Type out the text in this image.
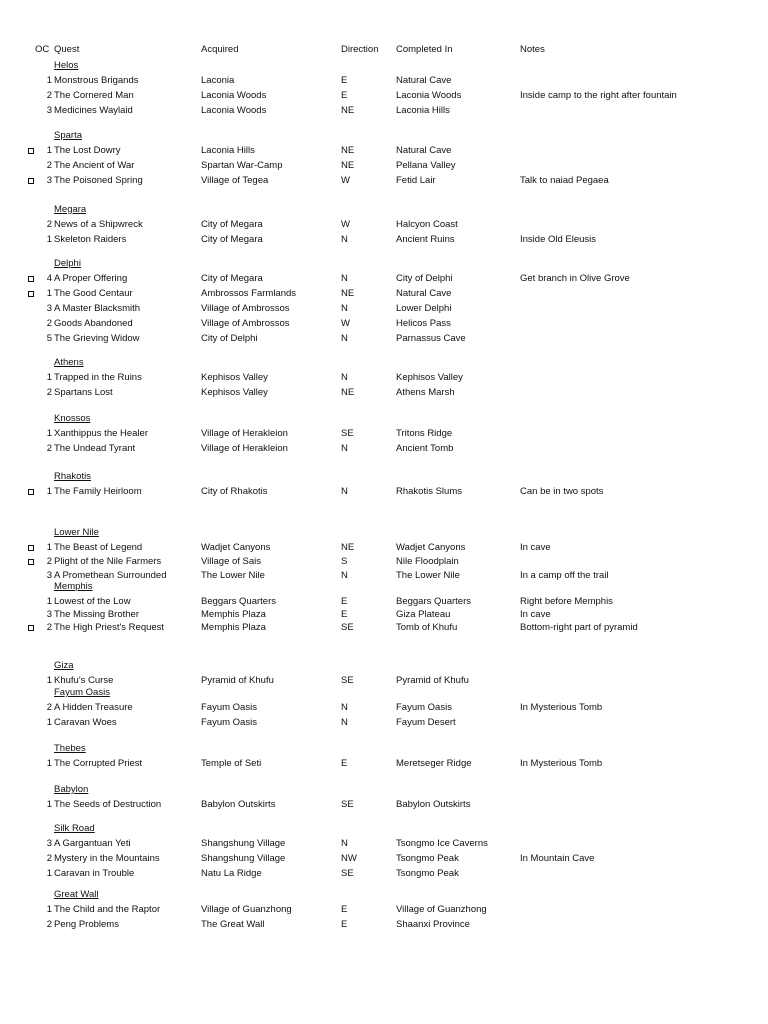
OC Quest	Acquired	Direction Completed In	Notes
Helos
1 Monstrous Brigands	Laconia	E	Natural Cave
2 The Cornered Man	Laconia Woods	E	Laconia Woods	Inside camp to the right after fountain
3 Medicines Waylaid	Laconia Woods	NE	Laconia Hills
Sparta
1 The Lost Dowry	Laconia Hills	NE	Natural Cave
2 The Ancient of War	Spartan War-Camp	NE	Pellana Valley
3 The Poisoned Spring	Village of Tegea	W	Fetid Lair	Talk to naiad Pegaea
Megara
2 News of a Shipwreck	City of Megara	W	Halcyon Coast
1 Skeleton Raiders	City of Megara	N	Ancient Ruins	Inside Old Eleusis
Delphi
4 A Proper Offering	City of Megara	N	City of Delphi	Get branch in Olive Grove
1 The Good Centaur	Ambrossos Farmlands	NE	Natural Cave
3 A Master Blacksmith	Village of Ambrossos	N	Lower Delphi
2 Goods Abandoned	Village of Ambrossos	W	Helicos Pass
5 The Grieving Widow	City of Delphi	N	Parnassus Cave
Athens
1 Trapped in the Ruins	Kephisos Valley	N	Kephisos Valley
2 Spartans Lost	Kephisos Valley	NE	Athens Marsh
Knossos
1 Xanthippus the Healer	Village of Herakleion	SE	Tritons Ridge
2 The Undead Tyrant	Village of Herakleion	N	Ancient Tomb
Rhakotis
1 The Family Heirloom	City of Rhakotis	N	Rhakotis Slums	Can be in two spots
Lower Nile
1 The Beast of Legend	Wadjet Canyons	NE	Wadjet Canyons	In cave
2 Plight of the Nile Farmers	Village of Sais	S	Nile Floodplain
3 A Promethean Surrounded	The Lower Nile	N	The Lower Nile	In a camp off the trail
Memphis
1 Lowest of the Low	Beggars Quarters	E	Beggars Quarters	Right before Memphis
3 The Missing Brother	Memphis Plaza	E	Giza Plateau	In cave
2 The High Priest's Request	Memphis Plaza	SE	Tomb of Khufu	Bottom-right part of pyramid
Giza
1 Khufu's Curse	Pyramid of Khufu	SE	Pyramid of Khufu
Fayum Oasis
2 A Hidden Treasure	Fayum Oasis	N	Fayum Oasis	In Mysterious Tomb
1 Caravan Woes	Fayum Oasis	N	Fayum Desert
Thebes
1 The Corrupted Priest	Temple of Seti	E	Meretseger Ridge	In Mysterious Tomb
Babylon
1 The Seeds of Destruction	Babylon Outskirts	SE	Babylon Outskirts
Silk Road
3 A Gargantuan Yeti	Shangshung Village	N	Tsongmo Ice Caverns
2 Mystery in the Mountains	Shangshung Village	NW	Tsongmo Peak	In Mountain Cave
1 Caravan in Trouble	Natu La Ridge	SE	Tsongmo Peak
Great Wall
1 The Child and the Raptor	Village of Guanzhong	E	Village of Guanzhong
2 Peng Problems	The Great Wall	E	Shaanxi Province
